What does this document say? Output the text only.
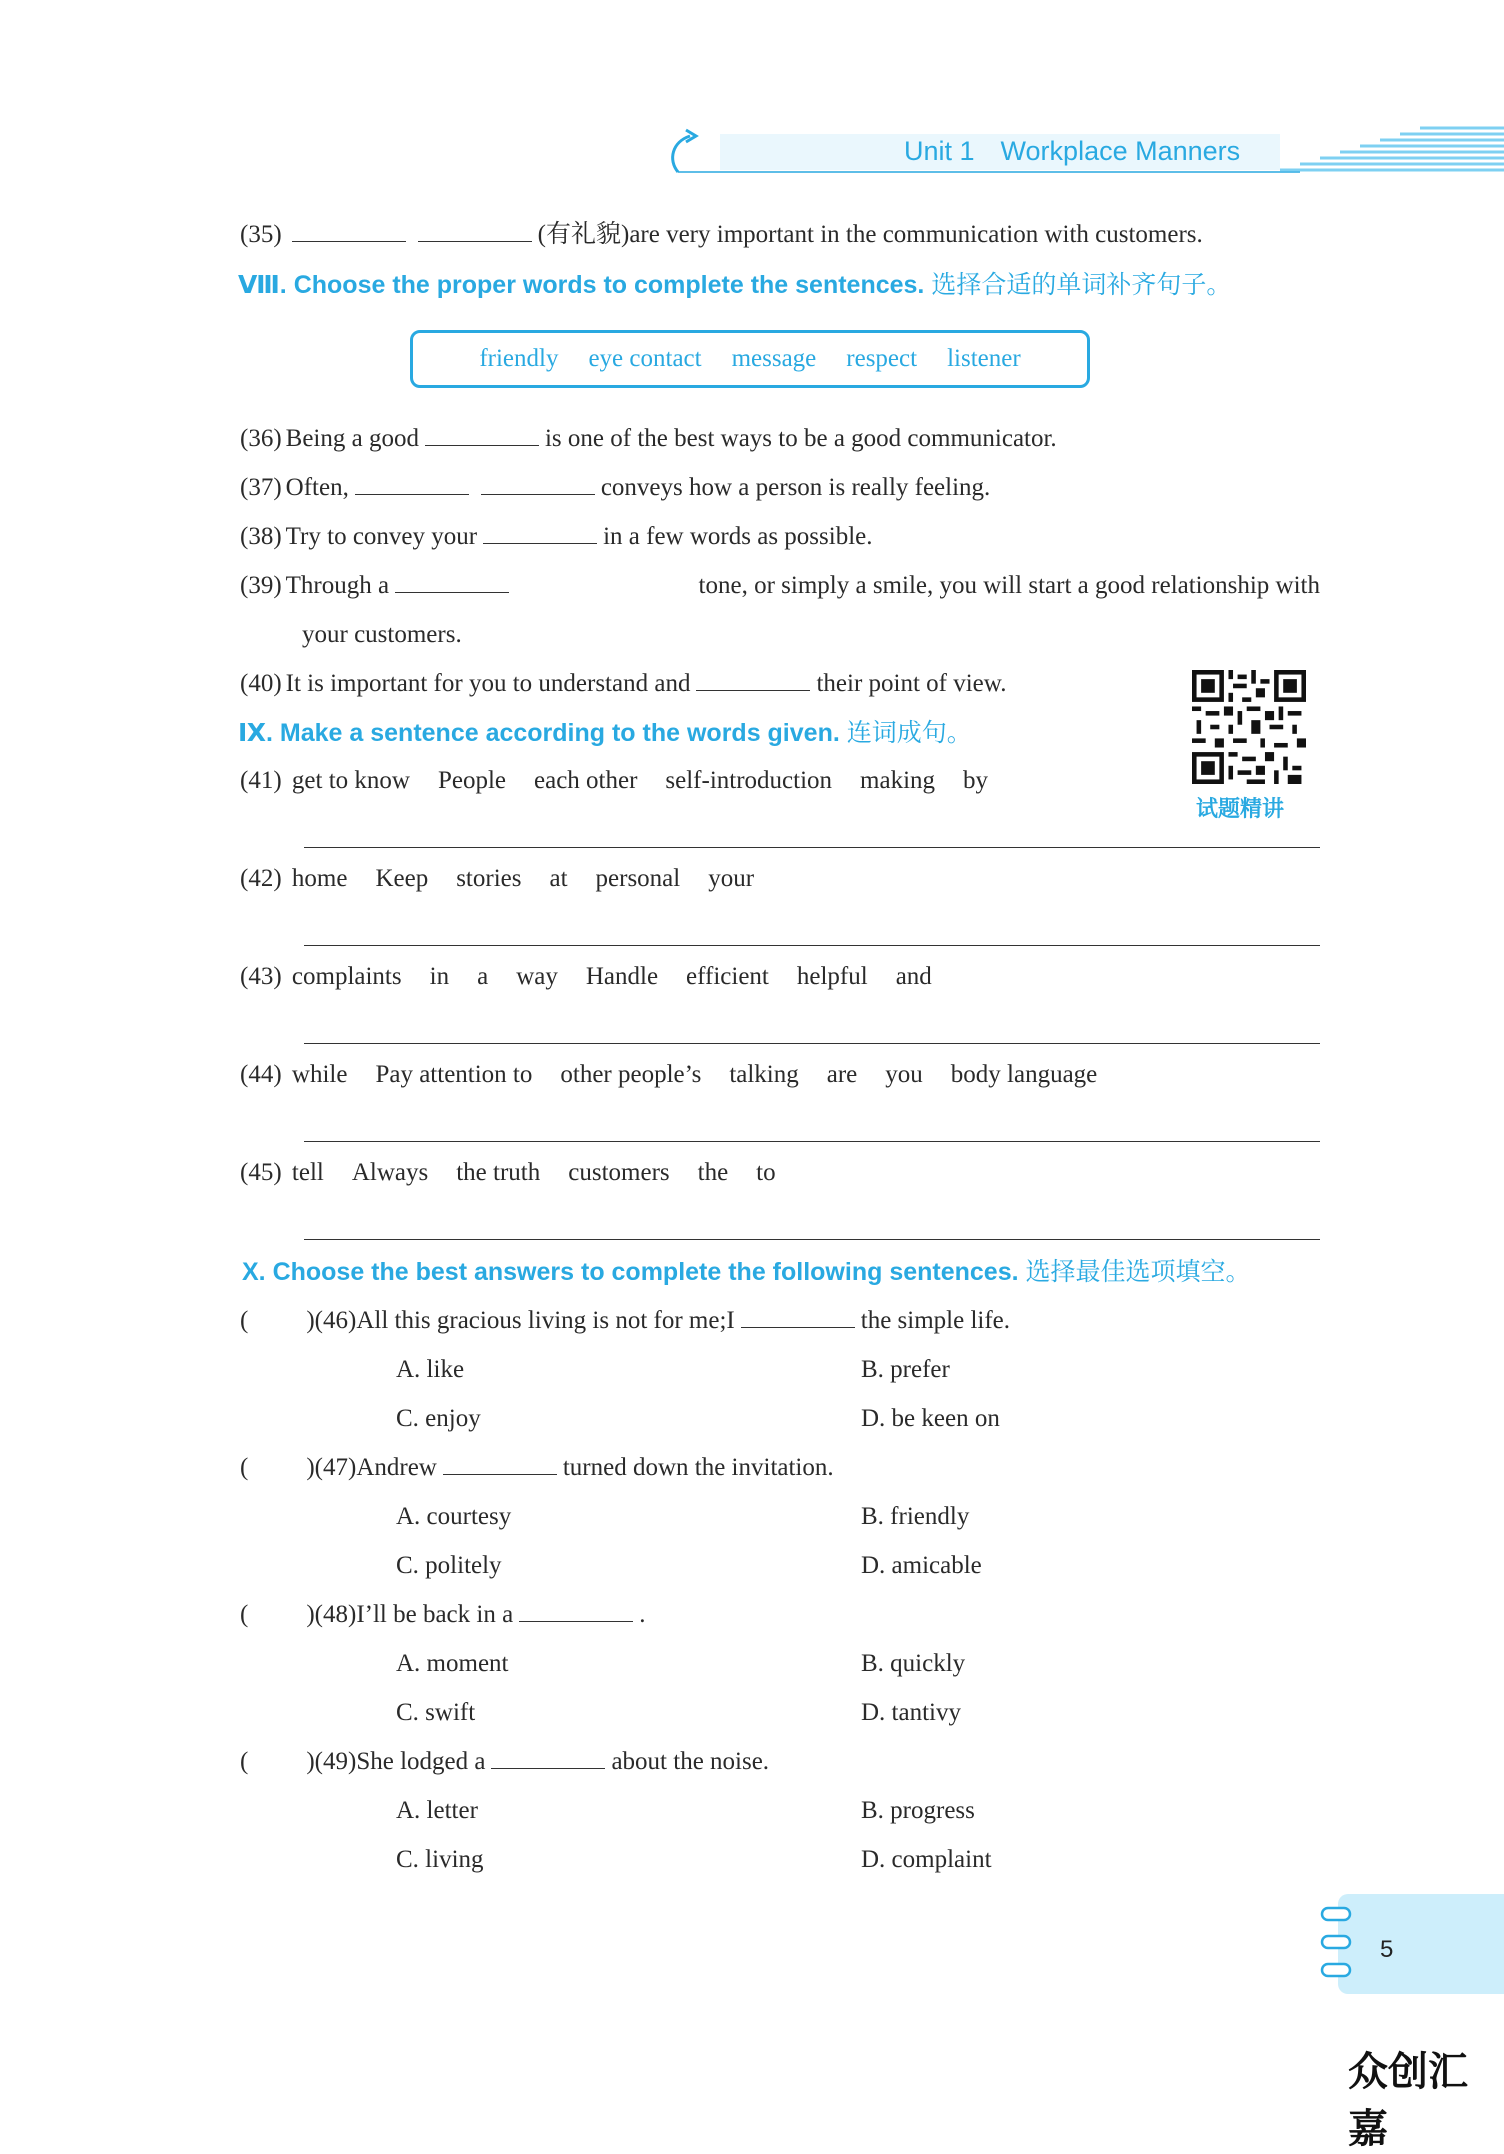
Unit 1 Workplace Manners
(35)	(有礼貌)are very important in the communication with customers.
Ⅷ. Choose the proper words to complete the sentences. 选择合适的单词补齐句子。
friendly eye contact message respect listener
(36) Being a good	is one of the best ways to be a good communicator.
(37) Often,	conveys how a person is really feeling.
(38) Try to convey your	in a few words as possible.
(39) Through a	tone, or simply a smile, you will start a good relationship with
your customers.
(40) It is important for you to understand and	their point of view.
试题精讲
Ⅸ. Make a sentence according to the words given. 连词成句。
(41) get to know People each other self-introduction making by
(42) home Keep stories at personal your
(43) complaints in a way Handle efficient helpful and
(44) while Pay attention to other people’s talking are you body language
(45) tell Always the truth customers the to
X. Choose the best answers to complete the following sentences. 选择最佳选项填空。
( )(46)All this gracious living is not for me;I	the simple life.
A. like	B. prefer
C. enjoy	D. be keen on
( )(47)Andrew	turned down the invitation.
A. courtesy	B. friendly
C. politely	D. amicable
( )(48)I’ll be back in a	.
A. moment	B. quickly
C. swift	D. tantivy
( )(49)She lodged a	about the noise.
A. letter	B. progress
C. living	D. complaint
5
众创汇嘉
